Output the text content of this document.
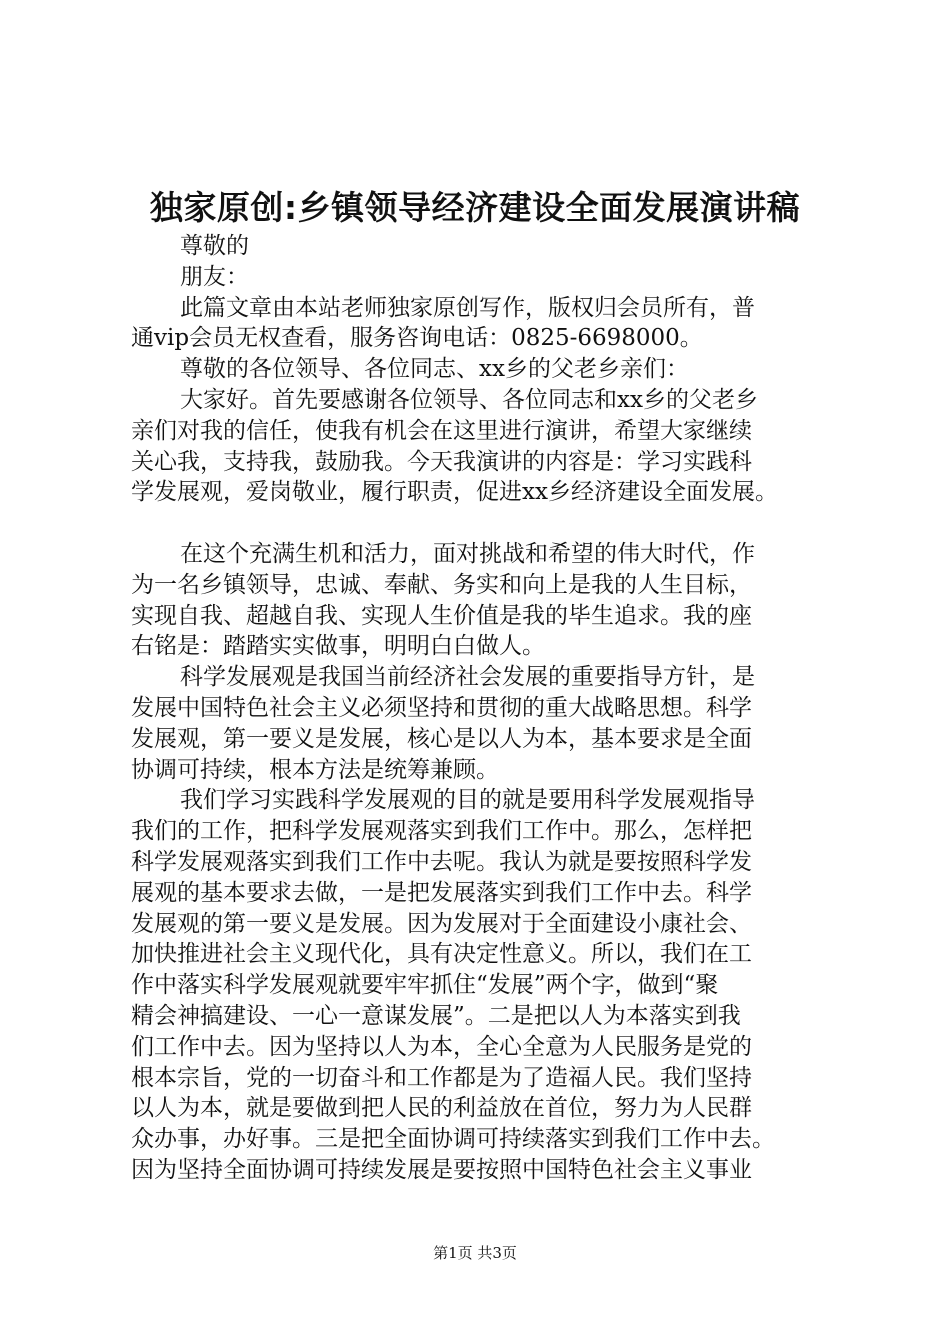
独家原创:乡镇领导经济建设全面发展演讲稿
尊敬的
朋友：
此篇文章由本站老师独家原创写作，版权归会员所有，普
通vip会员无权查看，服务咨询电话：0825-6698000。
尊敬的各位领导、各位同志、xx乡的父老乡亲们：
大家好。首先要感谢各位领导、各位同志和xx乡的父老乡
亲们对我的信任，使我有机会在这里进行演讲，希望大家继续
关心我，支持我，鼓励我。今天我演讲的内容是：学习实践科
学发展观，爱岗敬业，履行职责，促进xx乡经济建设全面发展。
在这个充满生机和活力，面对挑战和希望的伟大时代，作
为一名乡镇领导，忠诚、奉献、务实和向上是我的人生目标，
实现自我、超越自我、实现人生价值是我的毕生追求。我的座
右铭是：踏踏实实做事，明明白白做人。
科学发展观是我国当前经济社会发展的重要指导方针，是
发展中国特色社会主义必须坚持和贯彻的重大战略思想。科学
发展观，第一要义是发展，核心是以人为本，基本要求是全面
协调可持续，根本方法是统筹兼顾。
我们学习实践科学发展观的目的就是要用科学发展观指导
我们的工作，把科学发展观落实到我们工作中。那么，怎样把
科学发展观落实到我们工作中去呢。我认为就是要按照科学发
展观的基本要求去做，一是把发展落实到我们工作中去。科学
发展观的第一要义是发展。因为发展对于全面建设小康社会、
加快推进社会主义现代化，具有决定性意义。所以，我们在工
作中落实科学发展观就要牢牢抓住“发展”两个字，做到“聚
精会神搞建设、一心一意谋发展”。二是把以人为本落实到我
们工作中去。因为坚持以人为本，全心全意为人民服务是党的
根本宗旨，党的一切奋斗和工作都是为了造福人民。我们坚持
以人为本，就是要做到把人民的利益放在首位，努力为人民群
众办事，办好事。三是把全面协调可持续落实到我们工作中去。
因为坚持全面协调可持续发展是要按照中国特色社会主义事业
第1页 共3页
